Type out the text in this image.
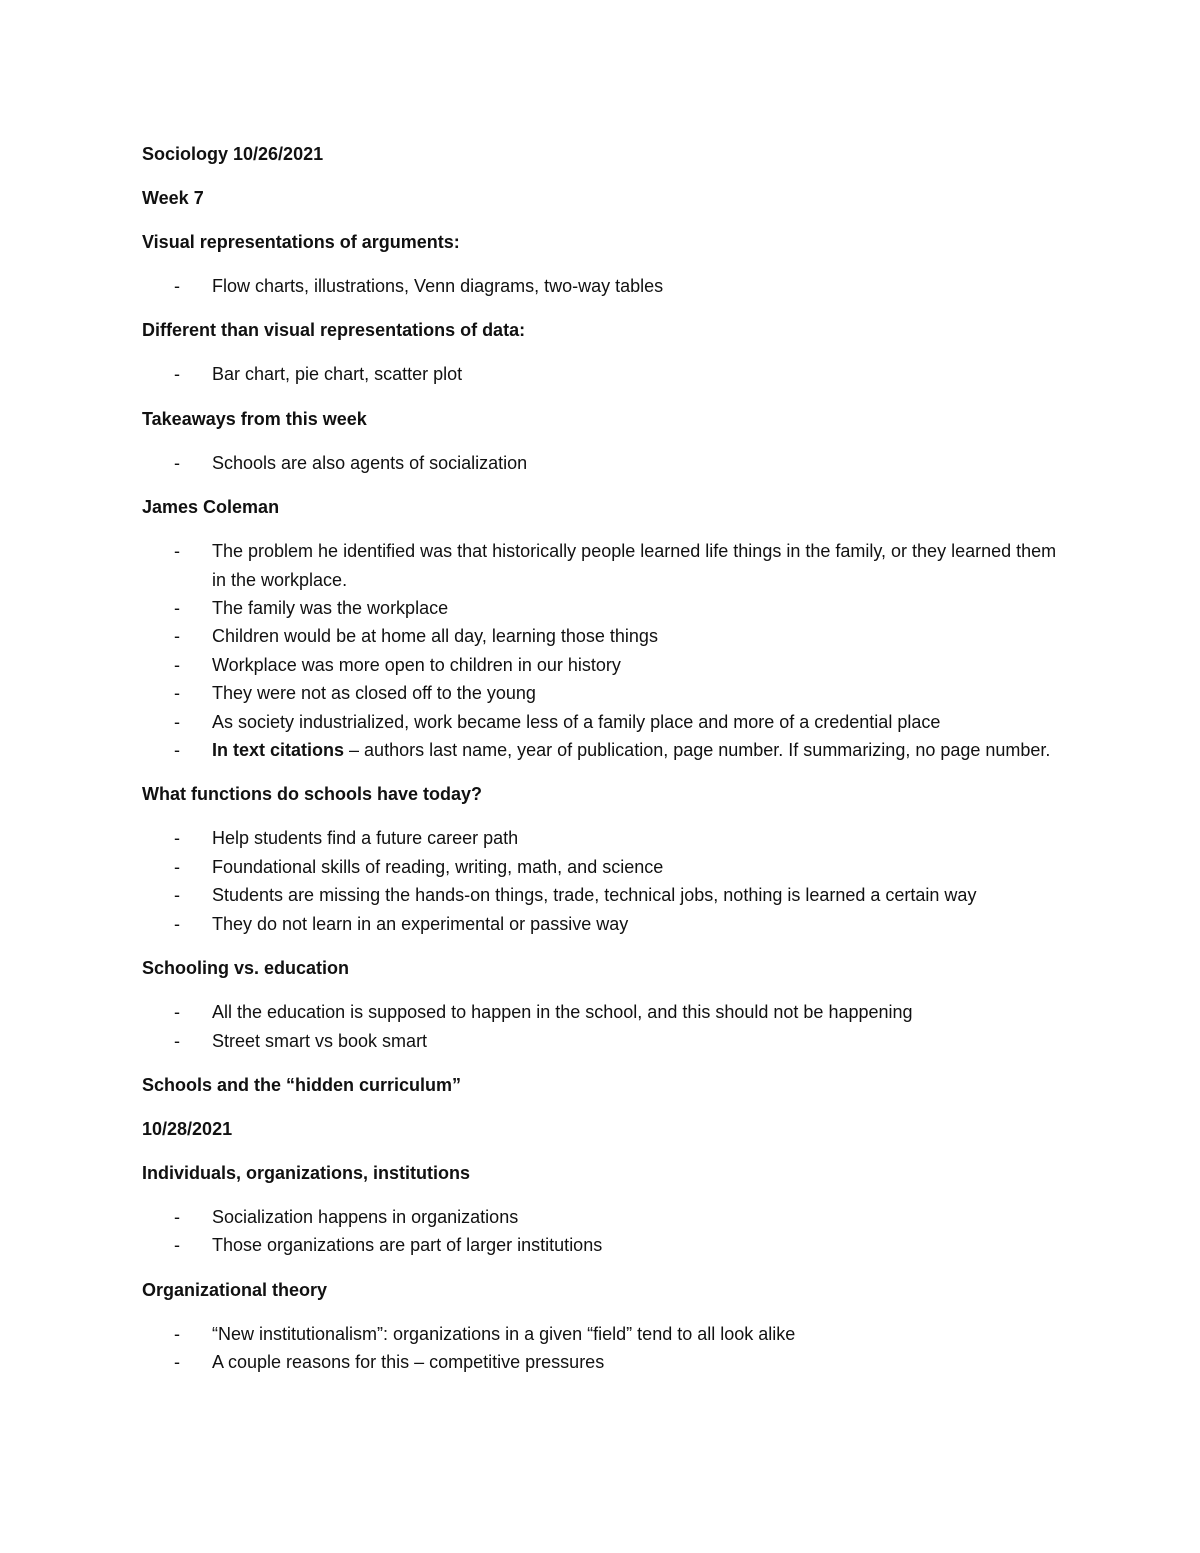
Sociology 10/26/2021
Week 7
Visual representations of arguments:
- Flow charts, illustrations, Venn diagrams, two-way tables
Different than visual representations of data:
- Bar chart, pie chart, scatter plot
Takeaways from this week
- Schools are also agents of socialization
James Coleman
- The problem he identified was that historically people learned life things in the family, or they learned them in the workplace.
- The family was the workplace
- Children would be at home all day, learning those things
- Workplace was more open to children in our history
- They were not as closed off to the young
- As society industrialized, work became less of a family place and more of a credential place
- In text citations – authors last name, year of publication, page number. If summarizing, no page number.
What functions do schools have today?
- Help students find a future career path
- Foundational skills of reading, writing, math, and science
- Students are missing the hands-on things, trade, technical jobs, nothing is learned a certain way
- They do not learn in an experimental or passive way
Schooling vs. education
- All the education is supposed to happen in the school, and this should not be happening
- Street smart vs book smart
Schools and the “hidden curriculum”
10/28/2021
Individuals, organizations, institutions
- Socialization happens in organizations
- Those organizations are part of larger institutions
Organizational theory
- “New institutionalism”: organizations in a given “field” tend to all look alike
- A couple reasons for this – competitive pressures
